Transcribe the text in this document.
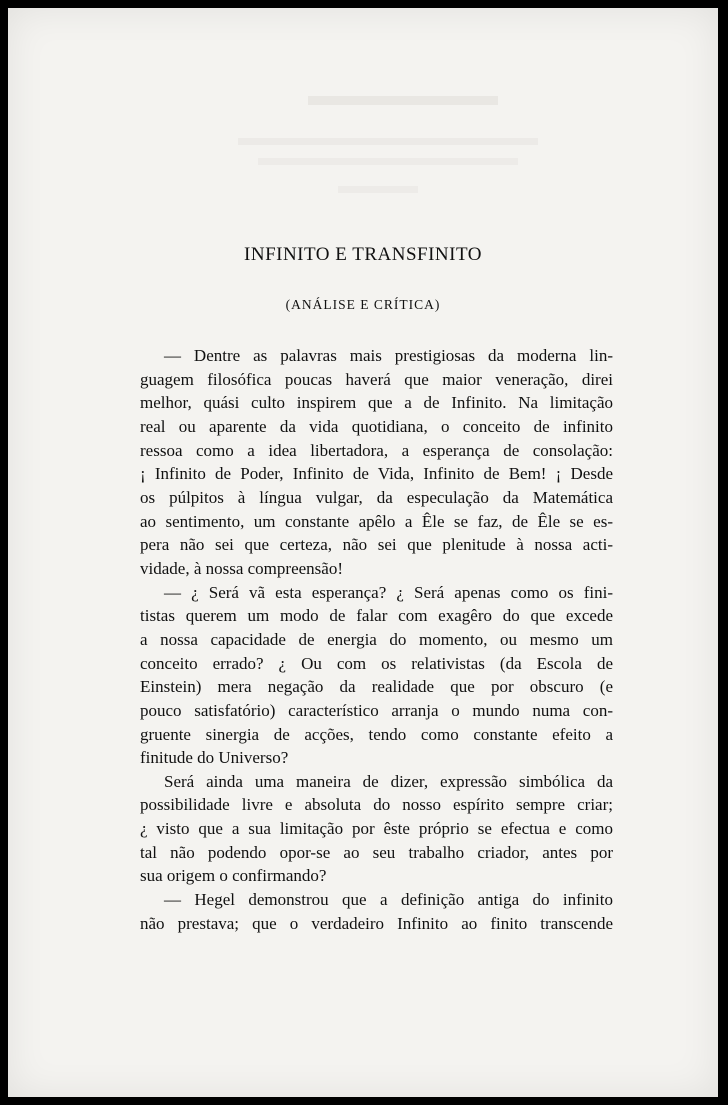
INFINITO E TRANSFINITO
(ANÁLISE E CRÍTICA)
— Dentre as palavras mais prestigiosas da moderna lin-
guagem filosófica poucas haverá que maior veneração, direi
melhor, quási culto inspirem que a de Infinito. Na limitação
real ou aparente da vida quotidiana, o conceito de infinito
ressoa como a idea libertadora, a esperança de consolação:
¡ Infinito de Poder, Infinito de Vida, Infinito de Bem! ¡ Desde
os púlpitos à língua vulgar, da especulação da Matemática
ao sentimento, um constante apêlo a Êle se faz, de Êle se es-
pera não sei que certeza, não sei que plenitude à nossa acti-
vidade, à nossa compreensão!
— ¿ Será vã esta esperança? ¿ Será apenas como os fini-
tistas querem um modo de falar com exagêro do que excede
a nossa capacidade de energia do momento, ou mesmo um
conceito errado? ¿ Ou com os relativistas (da Escola de
Einstein) mera negação da realidade que por obscuro (e
pouco satisfatório) característico arranja o mundo numa con-
gruente sinergia de acções, tendo como constante efeito a
finitude do Universo?
Será ainda uma maneira de dizer, expressão simbólica da
possibilidade livre e absoluta do nosso espírito sempre criar;
¿ visto que a sua limitação por êste próprio se efectua e como
tal não podendo opor-se ao seu trabalho criador, antes por
sua origem o confirmando?
— Hegel demonstrou que a definição antiga do infinito
não prestava; que o verdadeiro Infinito ao finito transcende
